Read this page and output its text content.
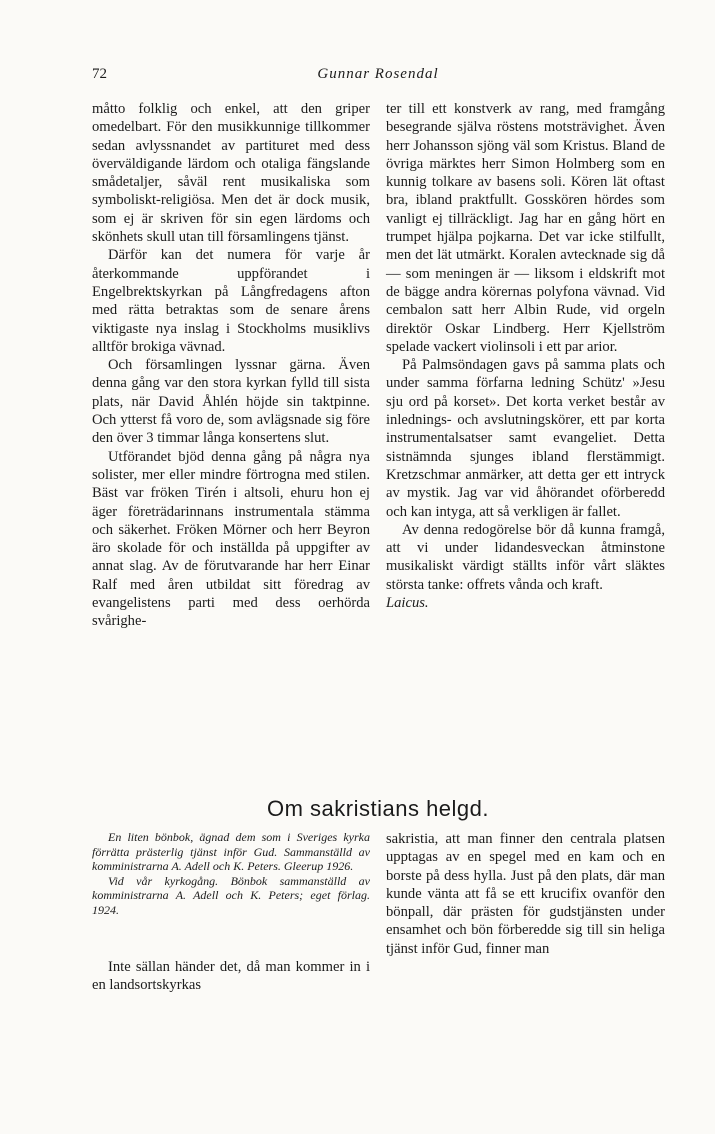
72	Gunnar Rosendal

måtto folklig och enkel, att den griper omedelbart. För den musikkunnige tillkommer sedan avlyssnandet av partituret med dess överväldigande lärdom och otaliga fängslande smådetaljer, såväl rent musikaliska som symboliskt-religiösa. Men det är dock musik, som ej är skriven för sin egen lärdoms och skönhets skull utan till församlingens tjänst.

Därför kan det numera för varje år återkommande uppförandet i Engelbrektskyrkan på Långfredagens afton med rätta betraktas som de senare årens viktigaste nya inslag i Stockholms musiklivs alltför brokiga vävnad.

Och församlingen lyssnar gärna. Även denna gång var den stora kyrkan fylld till sista plats, när David Åhlén höjde sin taktpinne. Och ytterst få voro de, som avlägsnade sig före den över 3 timmar långa konsertens slut.

Utförandet bjöd denna gång på några nya solister, mer eller mindre förtrogna med stilen. Bäst var fröken Tirén i altsoli, ehuru hon ej äger företrädarinnans instrumentala stämma och säkerhet. Fröken Mörner och herr Beyron äro skolade för och inställda på uppgifter av annat slag. Av de förutvarande har herr Einar Ralf med åren utbildat sitt föredrag av evangelistens parti med dess oerhörda svårighe-

ter till ett konstverk av rang, med framgång besegrande själva röstens motsträvighet. Även herr Johansson sjöng väl som Kristus. Bland de övriga märktes herr Simon Holmberg som en kunnig tolkare av basens soli. Kören lät oftast bra, ibland praktfullt. Gosskören hördes som vanligt ej tillräckligt. Jag har en gång hört en trumpet hjälpa pojkarna. Det var icke stilfullt, men det lät utmärkt. Koralen avtecknade sig då — som meningen är — liksom i eldskrift mot de bägge andra körernas polyfona vävnad. Vid cembalon satt herr Albin Rude, vid orgeln direktör Oskar Lindberg. Herr Kjellström spelade vackert violinsoli i ett par arior.

På Palmsöndagen gavs på samma plats och under samma förfarna ledning Schütz' »Jesu sju ord på korset». Det korta verket består av inlednings- och avslutningskörer, ett par korta instrumentalsatser samt evangeliet. Detta sistnämnda sjunges ibland flerstämmigt. Kretzschmar anmärker, att detta ger ett intryck av mystik. Jag var vid åhörandet oförberedd och kan intyga, att så verkligen är fallet.

Av denna redogörelse bör då kunna framgå, att vi under lidandesveckan åtminstone musikaliskt värdigt ställts inför vårt släktes största tanke: offrets vånda och kraft.

Laicus.

Om sakristians helgd.

En liten bönbok, ägnad dem som i Sveriges kyrka förrätta prästerlig tjänst inför Gud. Sammanställd av komministrarna A. Adell och K. Peters. Gleerup 1926.

Vid vår kyrkogång. Bönbok sammanställd av komministrarna A. Adell och K. Peters; eget förlag. 1924.

Inte sällan händer det, då man kommer in i en landsortskyrkas

sakristia, att man finner den centrala platsen upptagas av en spegel med en kam och en borste på dess hylla. Just på den plats, där man kunde vänta att få se ett krucifix ovanför den bönpall, där prästen för gudstjänsten under ensamhet och bön förberedde sig till sin heliga tjänst inför Gud, finner man
